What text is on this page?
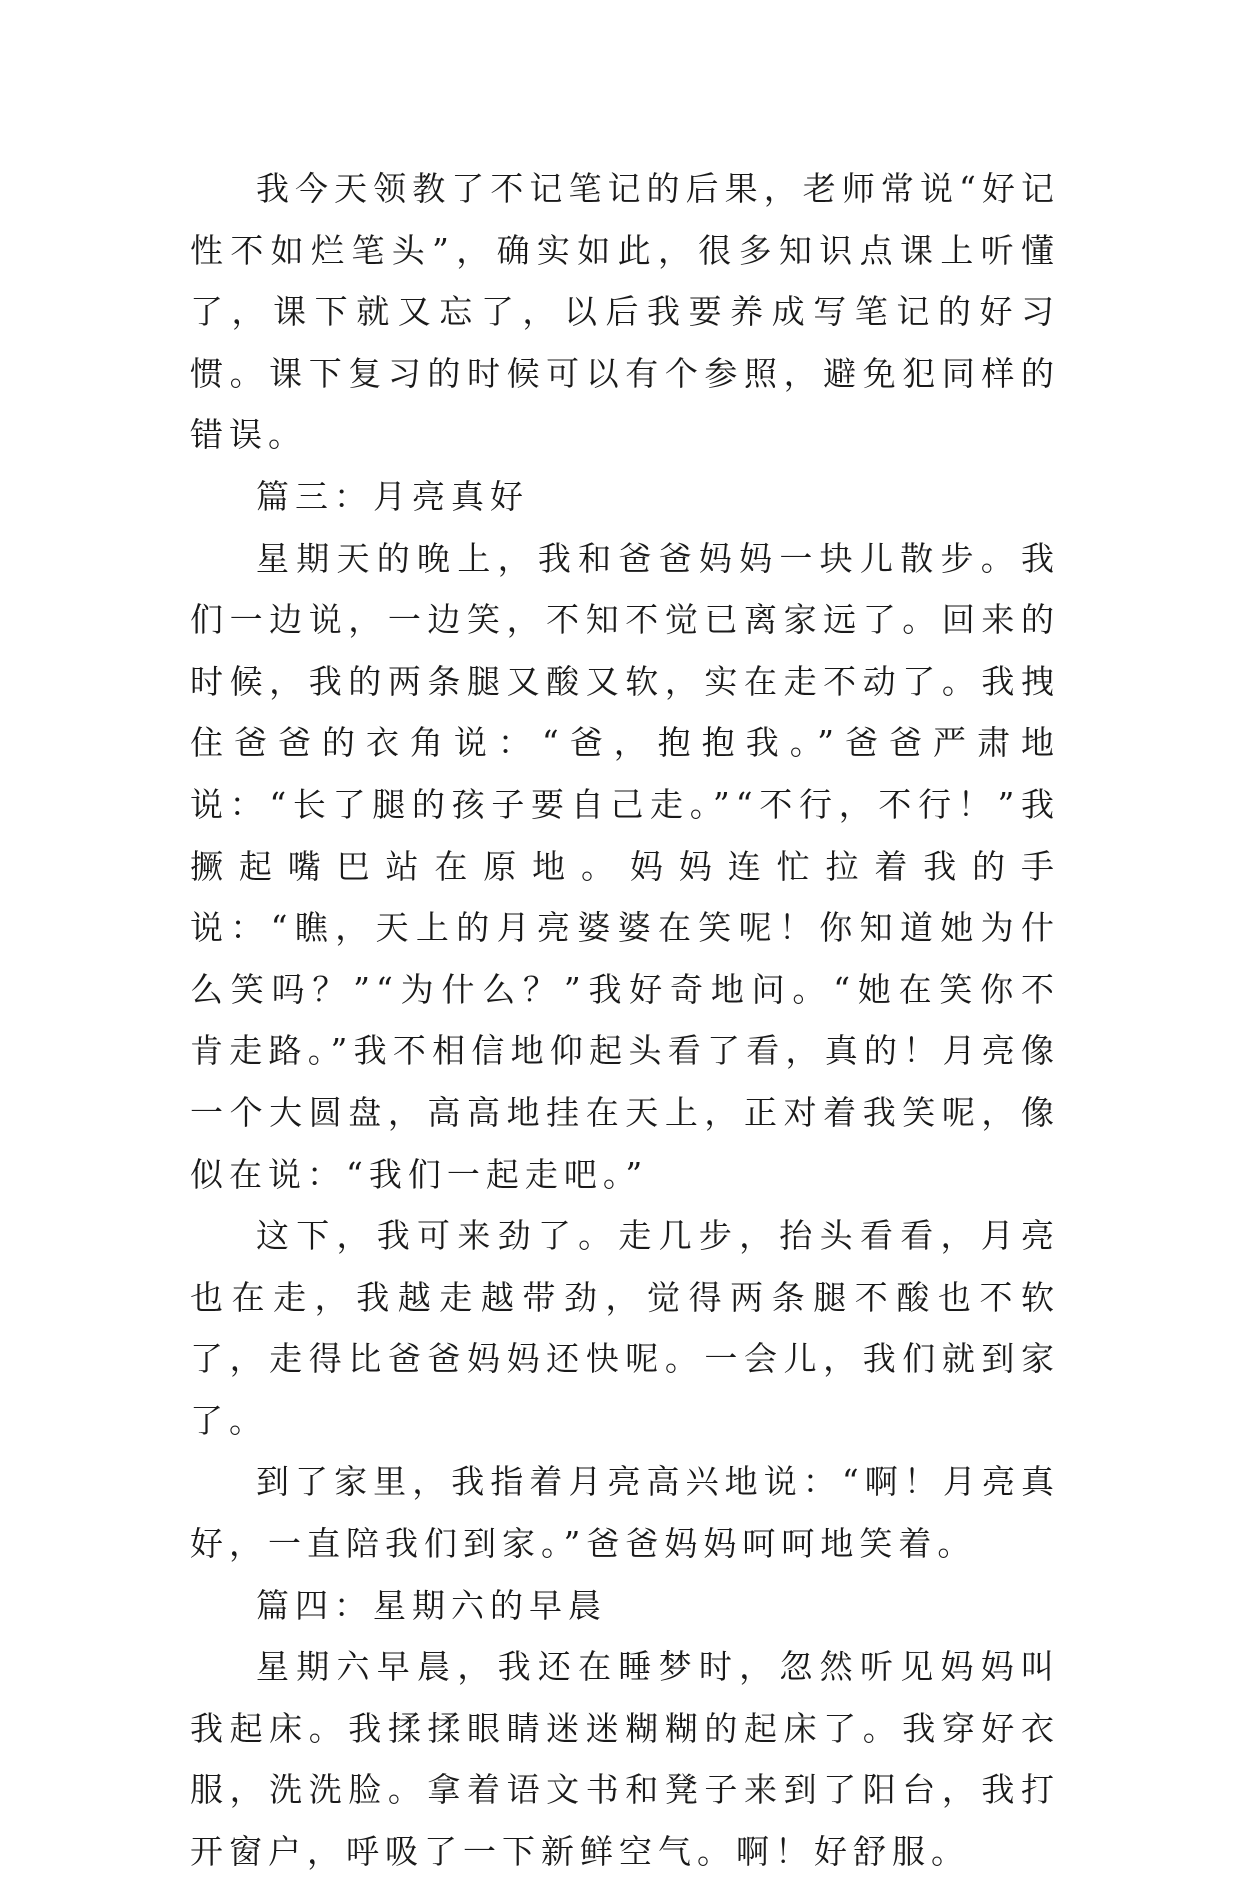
我今天领教了不记笔记的后果，老师常说“好记性不如烂笔头”，确实如此，很多知识点课上听懂了，课下就又忘了，以后我要养成写笔记的好习惯。课下复习的时候可以有个参照，避免犯同样的错误。

篇三：月亮真好

星期天的晚上，我和爸爸妈妈一块儿散步。我们一边说，一边笑，不知不觉已离家远了。回来的时候，我的两条腿又酸又软，实在走不动了。我拽住爸爸的衣角说：“爸，抱抱我。”爸爸严肃地说：“长了腿的孩子要自己走。”“不行，不行！”我撅起嘴巴站在原地。妈妈连忙拉着我的手说：“瞧，天上的月亮婆婆在笑呢！你知道她为什么笑吗？”“为什么？”我好奇地问。“她在笑你不肯走路。”我不相信地仰起头看了看，真的！月亮像一个大圆盘，高高地挂在天上，正对着我笑呢，像似在说：“我们一起走吧。”

这下，我可来劲了。走几步，抬头看看，月亮也在走，我越走越带劲，觉得两条腿不酸也不软了，走得比爸爸妈妈还快呢。一会儿，我们就到家了。

到了家里，我指着月亮高兴地说：“啊！月亮真好，一直陪我们到家。”爸爸妈妈呵呵地笑着。

篇四：星期六的早晨

星期六早晨，我还在睡梦时，忽然听见妈妈叫我起床。我揉揉眼睛迷迷糊糊的起床了。我穿好衣服，洗洗脸。拿着语文书和凳子来到了阳台，我打开窗户，呼吸了一下新鲜空气。啊！好舒服。
